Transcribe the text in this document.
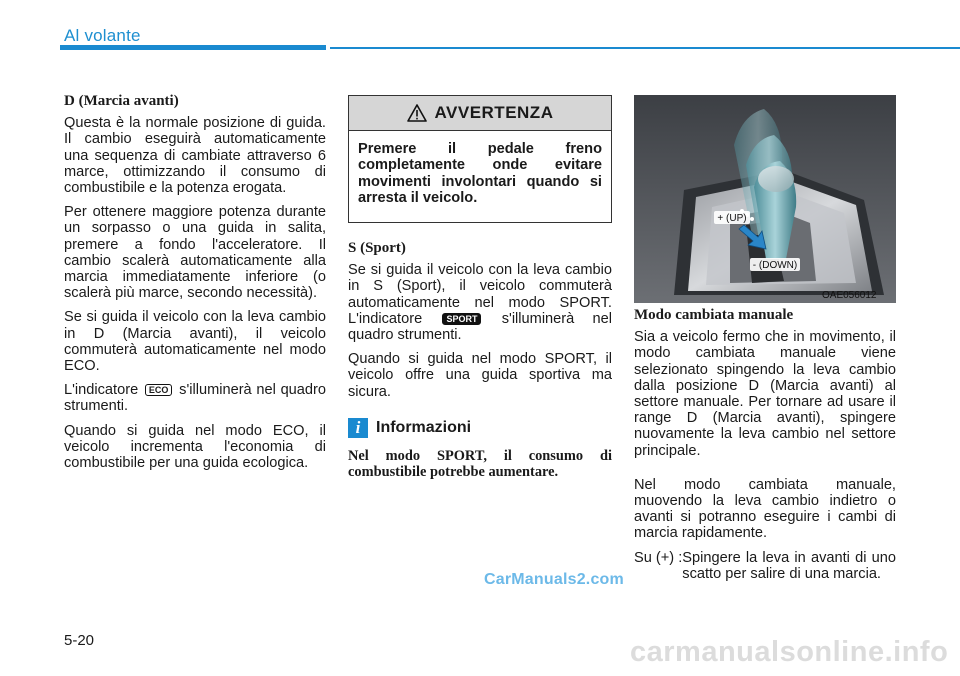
Al volante
D (Marcia avanti)

Questa è la normale posizione di guida. Il cambio eseguirà automaticamente una sequenza di cambiate attraverso 6 marce, ottimizzando il consumo di combustibile e la potenza erogata.

Per ottenere maggiore potenza durante un sorpasso o una guida in salita, premere a fondo l'acceleratore. Il cambio scalerà automaticamente alla marcia immediatamente inferiore (o scalerà più marce, secondo necessità).

Se si guida il veicolo con la leva cambio in D (Marcia avanti), il veicolo commuterà automaticamente nel modo ECO.

L'indicatore ECO s'illuminerà nel quadro strumenti.

Quando si guida nel modo ECO, il veicolo incrementa l'economia di combustibile per una guida ecologica.

AVVERTENZA
Premere il pedale freno completamente onde evitare movimenti involontari quando si arresta il veicolo.
S (Sport)

Se si guida il veicolo con la leva cambio in S (Sport), il veicolo commuterà automaticamente nel modo SPORT. L'indicatore	SPORT s'illuminerà nel quadro strumenti.

Quando si guida nel modo SPORT, il veicolo offre una guida sportiva ma sicura.

i Informazioni
Nel modo SPORT, il consumo di combustibile potrebbe aumentare.
+ (UP)
- (DOWN)
OAE056012
Modo cambiata manuale

Sia a veicolo fermo che in movimento, il modo cambiata manuale viene selezionato spingendo la leva cambio dalla posizione D (Marcia avanti) al settore manuale. Per tornare ad usare il range D (Marcia avanti), spingere nuovamente la leva cambio nel settore principale.

Nel modo cambiata manuale, muovendo la leva cambio indietro o avanti si potranno eseguire i cambi di marcia rapidamente.

Su (+) : Spingere la leva in avanti di uno scatto per salire di una marcia.
CarManuals2.com
5-20	carmanualsonline.info
